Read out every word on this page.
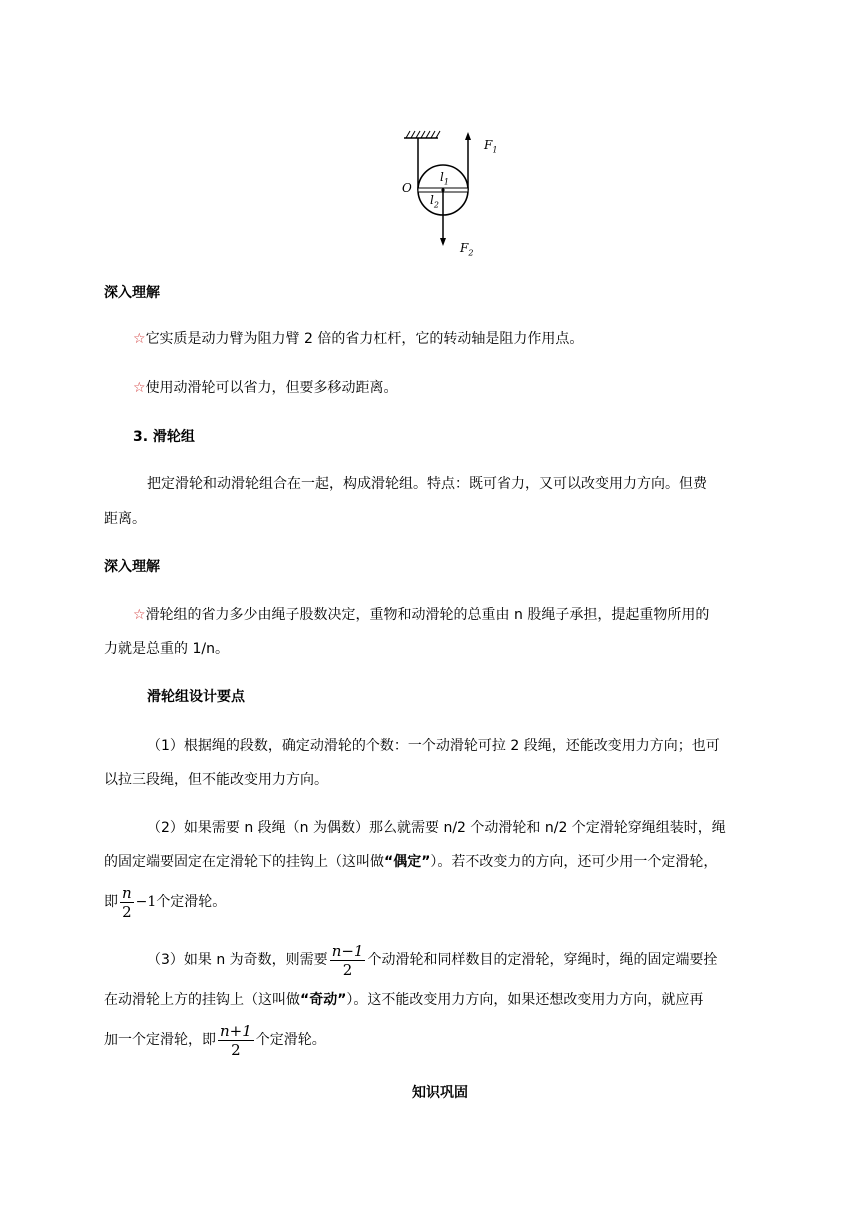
$F_1$
O
$l_1$
$l_2$
$F_2$
深入理解
☆它实质是动力臂为阻力臂 2 倍的省力杠杆，它的转动轴是阻力作用点。
☆使用动滑轮可以省力，但要多移动距离。
3. 滑轮组
把定滑轮和动滑轮组合在一起，构成滑轮组。特点：既可省力，又可以改变用力方向。但费
距离。
深入理解
☆滑轮组的省力多少由绳子股数决定，重物和动滑轮的总重由 n 股绳子承担，提起重物所用的
力就是总重的 1/n。
滑轮组设计要点
（1）根据绳的段数，确定动滑轮的个数：一个动滑轮可拉 2 段绳，还能改变用力方向；也可
以拉三段绳，但不能改变用力方向。
（2）如果需要 n 段绳（n 为偶数）那么就需要 n/2 个动滑轮和 n/2 个定滑轮穿绳组装时，绳
的固定端要固定在定滑轮下的挂钩上（这叫做“偶定”）。若不改变力的方向，还可少用一个定滑轮，
即 $\frac{n}{2} -1$个定滑轮。
（3）如果 n 为奇数，则需要 $\frac{n-1}{2}$ 个动滑轮和同样数目的定滑轮，穿绳时，绳的固定端要拴
在动滑轮上方的挂钩上（这叫做“奇动”）。这不能改变用力方向，如果还想改变用力方向，就应再
加一个定滑轮，即 $\frac{n+1}{2}$ 个定滑轮。
知识巩固
